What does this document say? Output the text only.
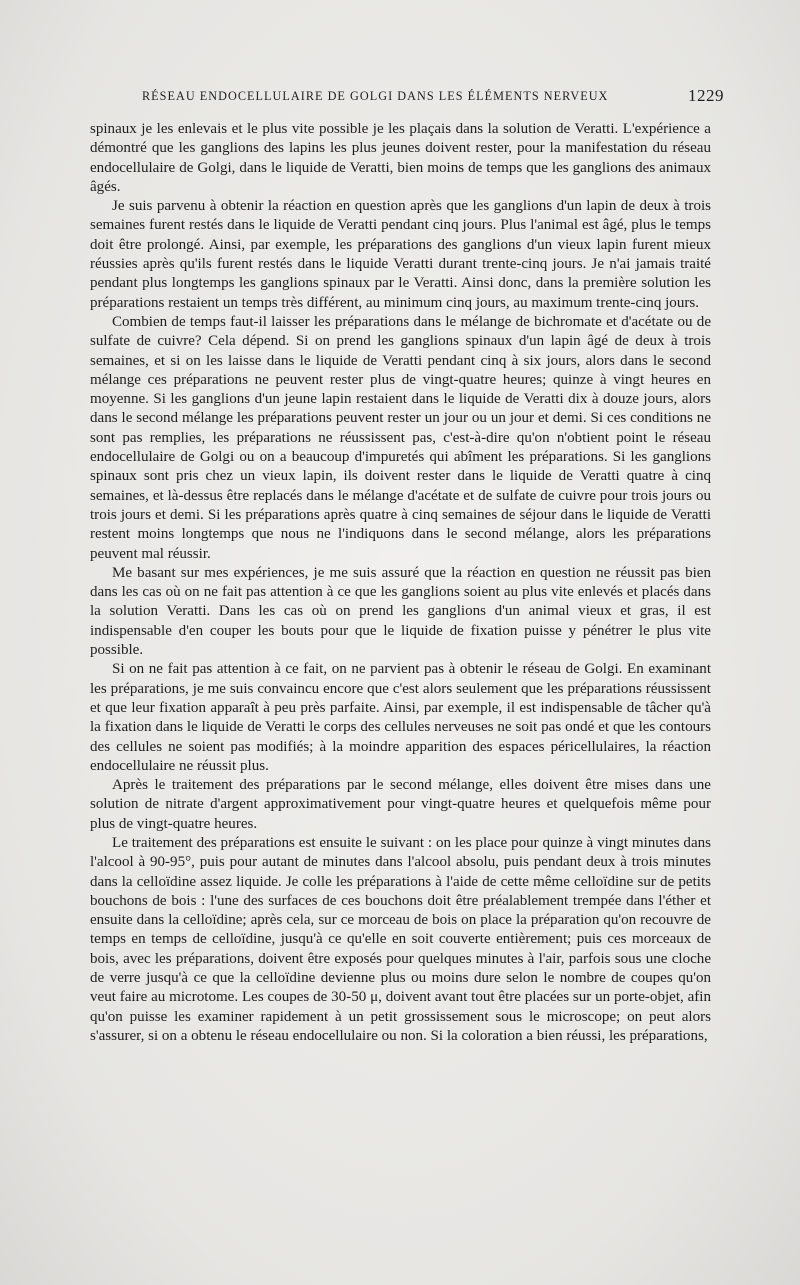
RÉSEAU ENDOCELLULAIRE DE GOLGI DANS LES ÉLÉMENTS NERVEUX	1229

spinaux je les enlevais et le plus vite possible je les plaçais dans la solution de Veratti. L'expérience a démontré que les ganglions des lapins les plus jeunes doivent rester, pour la manifestation du réseau endocellulaire de Golgi, dans le liquide de Veratti, bien moins de temps que les ganglions des animaux âgés.

Je suis parvenu à obtenir la réaction en question après que les ganglions d'un lapin de deux à trois semaines furent restés dans le liquide de Veratti pendant cinq jours. Plus l'animal est âgé, plus le temps doit être prolongé. Ainsi, par exemple, les préparations des ganglions d'un vieux lapin furent mieux réussies après qu'ils furent restés dans le liquide Veratti durant trente-cinq jours. Je n'ai jamais traité pendant plus longtemps les ganglions spinaux par le Veratti. Ainsi donc, dans la première solution les préparations restaient un temps très différent, au minimum cinq jours, au maximum trente-cinq jours.

Combien de temps faut-il laisser les préparations dans le mélange de bichromate et d'acétate ou de sulfate de cuivre? Cela dépend. Si on prend les ganglions spinaux d'un lapin âgé de deux à trois semaines, et si on les laisse dans le liquide de Veratti pendant cinq à six jours, alors dans le second mélange ces préparations ne peuvent rester plus de vingt-quatre heures; quinze à vingt heures en moyenne. Si les ganglions d'un jeune lapin restaient dans le liquide de Veratti dix à douze jours, alors dans le second mélange les préparations peuvent rester un jour ou un jour et demi. Si ces conditions ne sont pas remplies, les préparations ne réussissent pas, c'est-à-dire qu'on n'obtient point le réseau endocellulaire de Golgi ou on a beaucoup d'impuretés qui abîment les préparations. Si les ganglions spinaux sont pris chez un vieux lapin, ils doivent rester dans le liquide de Veratti quatre à cinq semaines, et là-dessus être replacés dans le mélange d'acétate et de sulfate de cuivre pour trois jours ou trois jours et demi. Si les préparations après quatre à cinq semaines de séjour dans le liquide de Veratti restent moins longtemps que nous ne l'indiquons dans le second mélange, alors les préparations peuvent mal réussir.

Me basant sur mes expériences, je me suis assuré que la réaction en question ne réussit pas bien dans les cas où on ne fait pas attention à ce que les ganglions soient au plus vite enlevés et placés dans la solution Veratti. Dans les cas où on prend les ganglions d'un animal vieux et gras, il est indispensable d'en couper les bouts pour que le liquide de fixation puisse y pénétrer le plus vite possible.

Si on ne fait pas attention à ce fait, on ne parvient pas à obtenir le réseau de Golgi. En examinant les préparations, je me suis convaincu encore que c'est alors seulement que les préparations réussissent et que leur fixation apparaît à peu près parfaite. Ainsi, par exemple, il est indispensable de tâcher qu'à la fixation dans le liquide de Veratti le corps des cellules nerveuses ne soit pas ondé et que les contours des cellules ne soient pas modifiés; à la moindre apparition des espaces péricellulaires, la réaction endocellulaire ne réussit plus.

Après le traitement des préparations par le second mélange, elles doivent être mises dans une solution de nitrate d'argent approximativement pour vingt-quatre heures et quelquefois même pour plus de vingt-quatre heures.

Le traitement des préparations est ensuite le suivant : on les place pour quinze à vingt minutes dans l'alcool à 90-95°, puis pour autant de minutes dans l'alcool absolu, puis pendant deux à trois minutes dans la celloïdine assez liquide. Je colle les préparations à l'aide de cette même celloïdine sur de petits bouchons de bois : l'une des surfaces de ces bouchons doit être préalablement trempée dans l'éther et ensuite dans la celloïdine; après cela, sur ce morceau de bois on place la préparation qu'on recouvre de temps en temps de celloïdine, jusqu'à ce qu'elle en soit couverte entièrement; puis ces morceaux de bois, avec les préparations, doivent être exposés pour quelques minutes à l'air, parfois sous une cloche de verre jusqu'à ce que la celloïdine devienne plus ou moins dure selon le nombre de coupes qu'on veut faire au microtome. Les coupes de 30-50 μ, doivent avant tout être placées sur un porte-objet, afin qu'on puisse les examiner rapidement à un petit grossissement sous le microscope; on peut alors s'assurer, si on a obtenu le réseau endocellulaire ou non. Si la coloration a bien réussi, les préparations,
